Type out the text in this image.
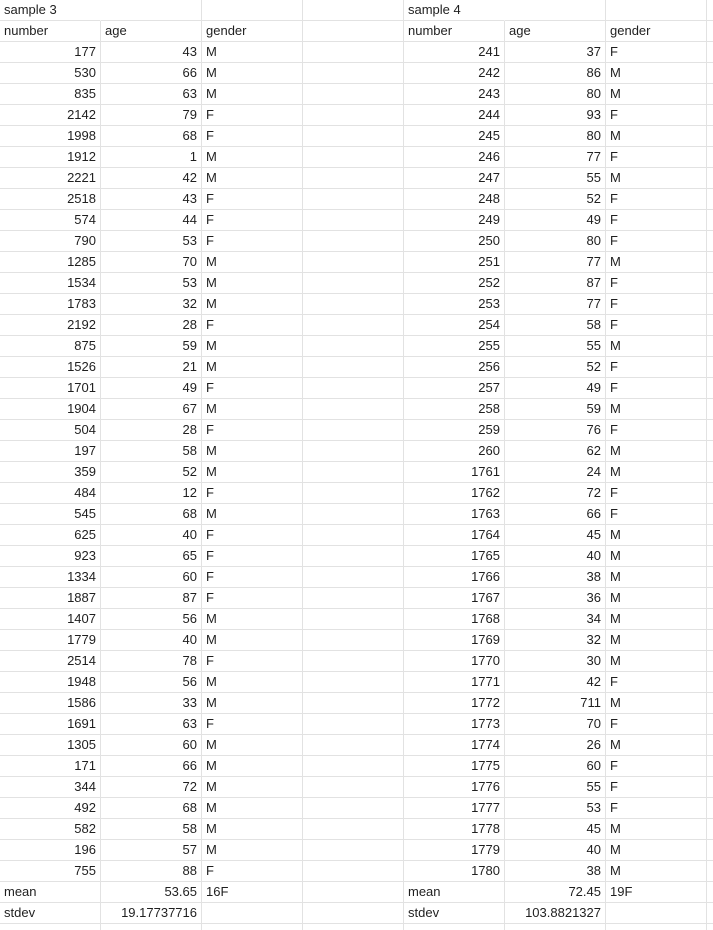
sample 3	sample 4
number	age	gender	number	age	gender
177	43 M	241	37 F
530	66 M	242	86 M
835	63 M	243	80 M
2142	79 F	244	93 F
1998	68 F	245	80 M
1912	1 M	246	77 F
2221	42 M	247	55 M
2518	43 F	248	52 F
574	44 F	249	49 F
790	53 F	250	80 F
1285	70 M	251	77 M
1534	53 M	252	87 F
1783	32 M	253	77 F
2192	28 F	254	58 F
875	59 M	255	55 M
1526	21 M	256	52 F
1701	49 F	257	49 F
1904	67 M	258	59 M
504	28 F	259	76 F
197	58 M	260	62 M
359	52 M	1761	24 M
484	12 F	1762	72 F
545	68 M	1763	66 F
625	40 F	1764	45 M
923	65 F	1765	40 M
1334	60 F	1766	38 M
1887	87 F	1767	36 M
1407	56 M	1768	34 M
1779	40 M	1769	32 M
2514	78 F	1770	30 M
1948	56 M	1771	42 F
1586	33 M	1772	711 M
1691	63 F	1773	70 F
1305	60 M	1774	26 M
171	66 M	1775	60 F
344	72 M	1776	55 F
492	68 M	1777	53 F
582	58 M	1778	45 M
196	57 M	1779	40 M
755	88 F	1780	38 M
mean	53.65 16F	mean	72.45 19F
stdev	19.17737716	stdev	103.8821327
